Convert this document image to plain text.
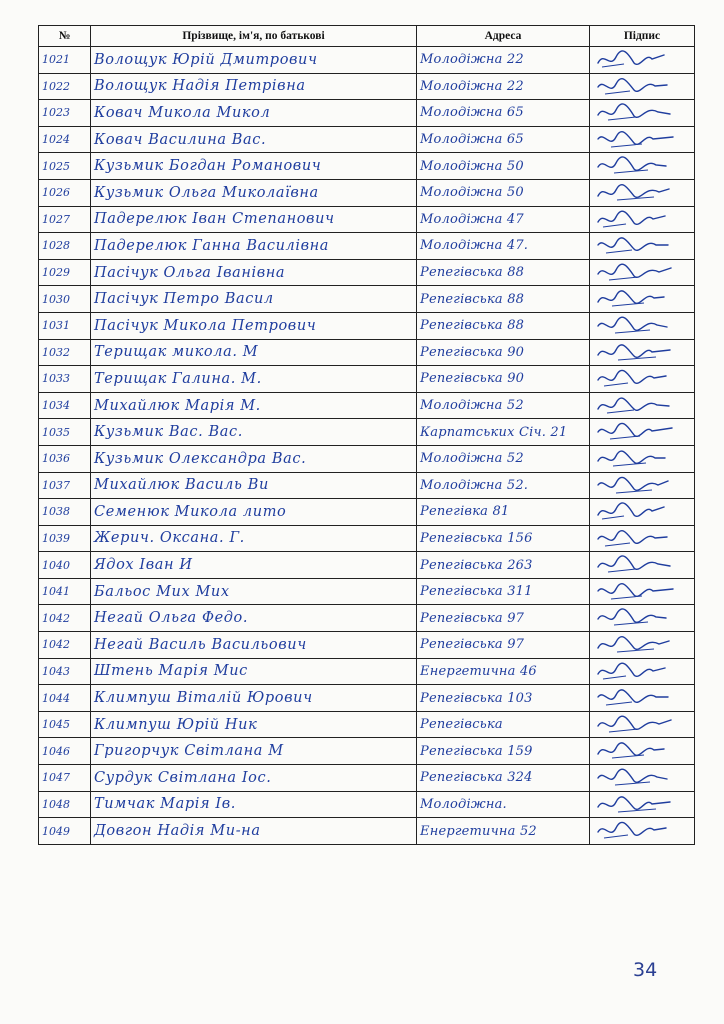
№	Прізвище, ім'я, по батькові	Адреса	Підпис
1021	Волощук Юрій Дмитрович	Молодіжна 22	

1022	Волощук Надія Петрівна	Молодіжна 22	

1023	Ковач Микола Микол	Молодіжна 65	

1024	Ковач Василина Вас.	Молодіжна 65	

1025	Кузьмик Богдан Романович	Молодіжна 50	

1026	Кузьмик Ольга Миколаївна	Молодіжна 50	

1027	Падерелюк Іван Степанович	Молодіжна 47	

1028	Падерелюк Ганна Василівна	Молодіжна 47.	

1029	Пасічук Ольга Іванівна	Репегівська 88	

1030	Пасічук Петро Васил	Репегівська 88	

1031	Пасічук Микола Петрович	Репегівська 88	

1032	Терищак микола. М	Репегівська 90	

1033	Терищак Галина. М.	Репегівська 90	

1034	Михайлюк Марія М.	Молодіжна 52	

1035	Кузьмик Вас. Вас.	Карпатських Січ. 21	

1036	Кузьмик Олександра Вас.	Молодіжна 52	

1037	Михайлюк Василь Ви	Молодіжна 52.	

1038	Семенюк Микола лито	Репегівка 81	

1039	Жерич. Оксана. Г.	Репегівська 156	

1040	Ядох Іван И	Репегівська 263	

1041	Бальос Мих Мих	Репегівська 311	

1042	Негай Ольга Федо.	Репегівська 97	

1042	Негай Василь Васильович	Репегівська 97	

1043	Штень Марія Мис	Енергетична 46	

1044	Климпуш Віталій Юрович	Репегівська 103	

1045	Климпуш Юрій Ник	Репегівська	

1046	Григорчук Світлана М	Репегівська 159	

1047	Сурдук Світлана Іос.	Репегівська 324	

1048	Тимчак Марія Ів.	Молодіжна.	

1049	Довгон Надія Ми-на	Енергетична 52	
34
